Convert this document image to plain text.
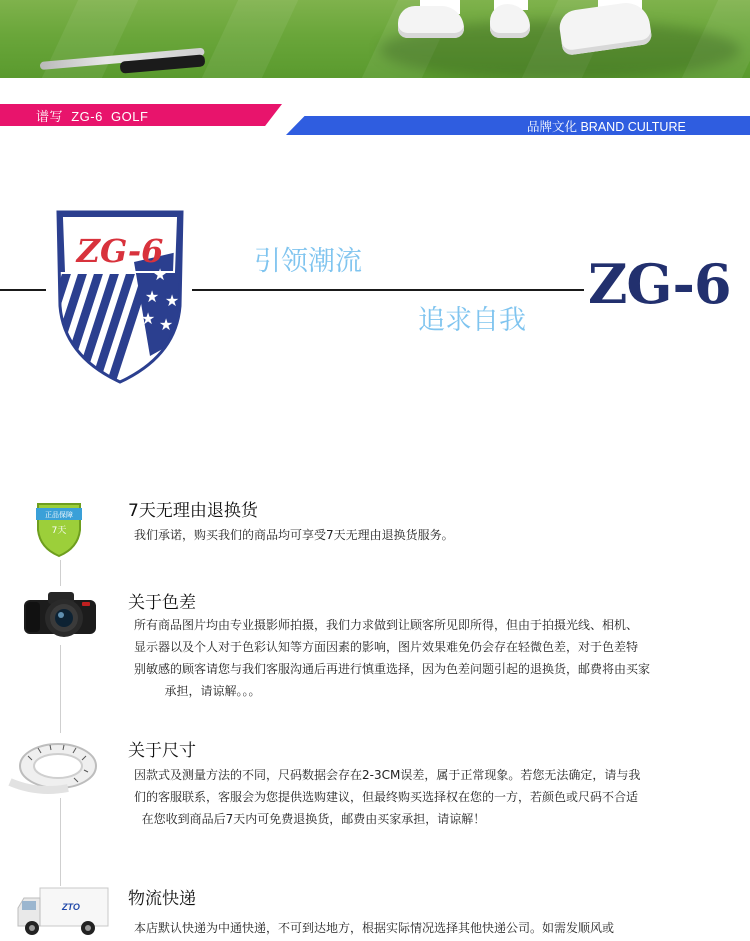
谱写  ZG-6  GOLF
品牌文化 BRAND CULTURE
ZG-6
★
★ ★
★ ★
引领潮流
追求自我
ZG-6
正品保障
7天
7天无理由退换货

我们承诺，购买我们的商品均可享受7天无理由退换货服务。

关于色差

所有商品图片均由专业摄影师拍摄，我们力求做到让顾客所见即所得，但由于拍摄光线、相机、

显示器以及个人对于色彩认知等方面因素的影响，图片效果难免仍会存在轻微色差，对于色差特

别敏感的顾客请您与我们客服沟通后再进行慎重选择，因为色差问题引起的退换货，邮费将由买家

承担，请谅解。。。

关于尺寸

因款式及测量方法的不同，尺码数据会存在2-3CM误差，属于正常现象。若您无法确定，请与我

们的客服联系，客服会为您提供选购建议，但最终购买选择权在您的一方，若颜色或尺码不合适

在您收到商品后7天内可免费退换货，邮费由买家承担，请谅解！

ZTO	物流快递

本店默认快递为中通快递，不可到达地方，根据实际情况选择其他快递公司。如需发顺风或
